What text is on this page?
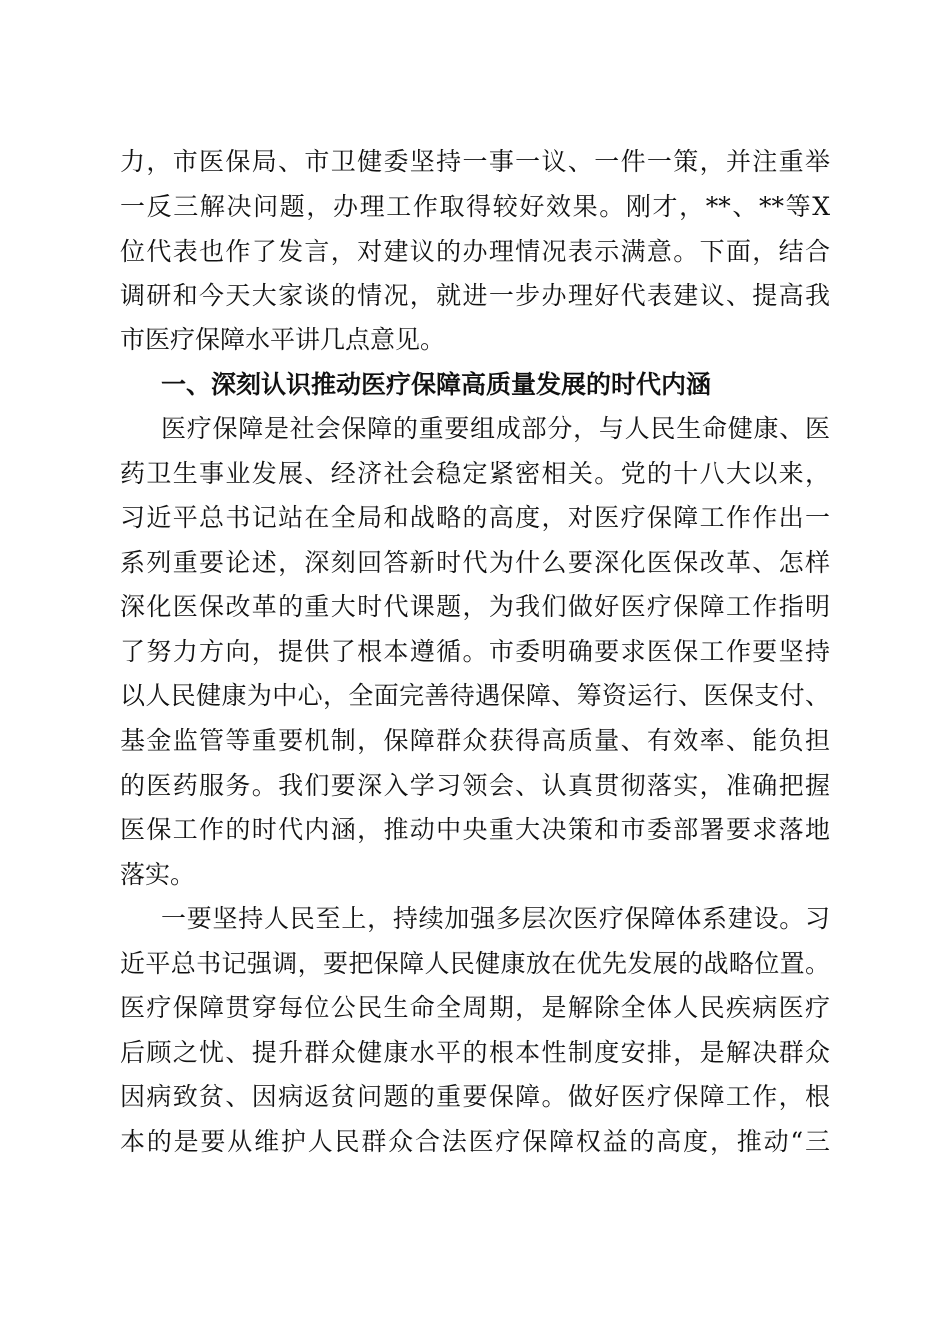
力，市医保局、市卫健委坚持一事一议、一件一策，并注重举
一反三解决问题，办理工作取得较好效果。刚才，**、**等X
位代表也作了发言，对建议的办理情况表示满意。下面，结合
调研和今天大家谈的情况，就进一步办理好代表建议、提高我
市医疗保障水平讲几点意见。
一、深刻认识推动医疗保障高质量发展的时代内涵
医疗保障是社会保障的重要组成部分，与人民生命健康、医
药卫生事业发展、经济社会稳定紧密相关。党的十八大以来，
习近平总书记站在全局和战略的高度，对医疗保障工作作出一
系列重要论述，深刻回答新时代为什么要深化医保改革、怎样
深化医保改革的重大时代课题，为我们做好医疗保障工作指明
了努力方向，提供了根本遵循。市委明确要求医保工作要坚持
以人民健康为中心，全面完善待遇保障、筹资运行、医保支付、
基金监管等重要机制，保障群众获得高质量、有效率、能负担
的医药服务。我们要深入学习领会、认真贯彻落实，准确把握
医保工作的时代内涵，推动中央重大决策和市委部署要求落地
落实。
一要坚持人民至上，持续加强多层次医疗保障体系建设。习
近平总书记强调，要把保障人民健康放在优先发展的战略位置。
医疗保障贯穿每位公民生命全周期，是解除全体人民疾病医疗
后顾之忧、提升群众健康水平的根本性制度安排，是解决群众
因病致贫、因病返贫问题的重要保障。做好医疗保障工作，根
本的是要从维护人民群众合法医疗保障权益的高度，推动“三
